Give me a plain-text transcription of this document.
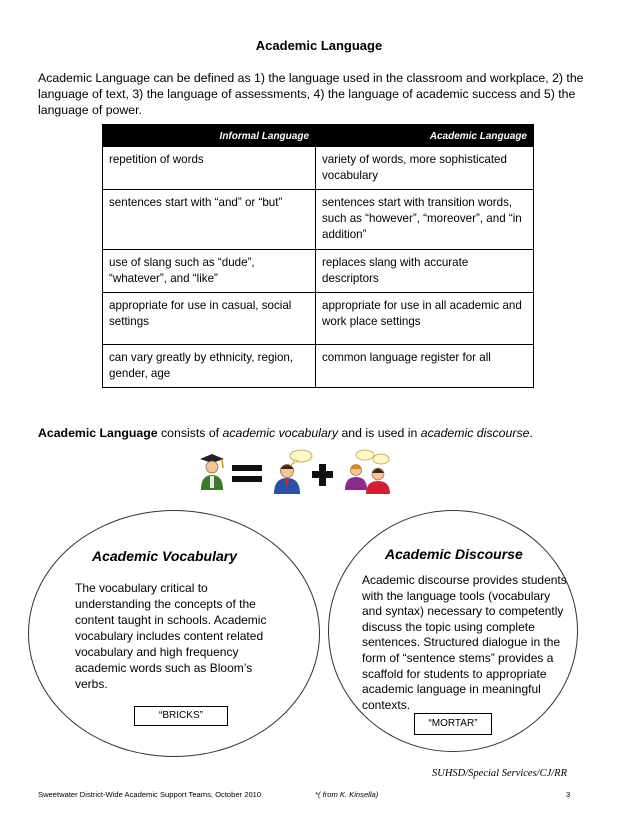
Academic Language
Academic Language can be defined as 1) the language used in the classroom and workplace, 2) the language of text, 3) the language of assessments, 4) the language of academic success and 5) the language of power.
Informal Language	Academic Language
repetition of words	variety of words, more sophisticated vocabulary
sentences start with “and” or “but”	sentences start with transition words, such as “however”, “moreover”, and “in addition”
use of slang such as “dude”, “whatever”, and “like”	replaces slang with accurate descriptors
appropriate for use in casual, social settings	appropriate for use in all academic and work place settings
can vary greatly by ethnicity, region, gender, age	common language register for all
Academic Language consists of academic vocabulary and is used in academic discourse.
Academic Vocabulary
The vocabulary critical to understanding the concepts of the content taught in schools. Academic vocabulary includes content related vocabulary and high frequency academic words such as Bloom’s verbs.
“BRICKS”
Academic Discourse
Academic discourse provides students with the language tools (vocabulary and syntax) necessary to competently discuss the topic using complete sentences. Structured dialogue in the form of “sentence stems” provides a scaffold for students to appropriate academic language in meaningful contexts.
“MORTAR”
SUHSD/Special Services/CJ/RR
Sweetwater District-Wide Academic Support Teams, October 2010	*( from K. Kinsella)	3
